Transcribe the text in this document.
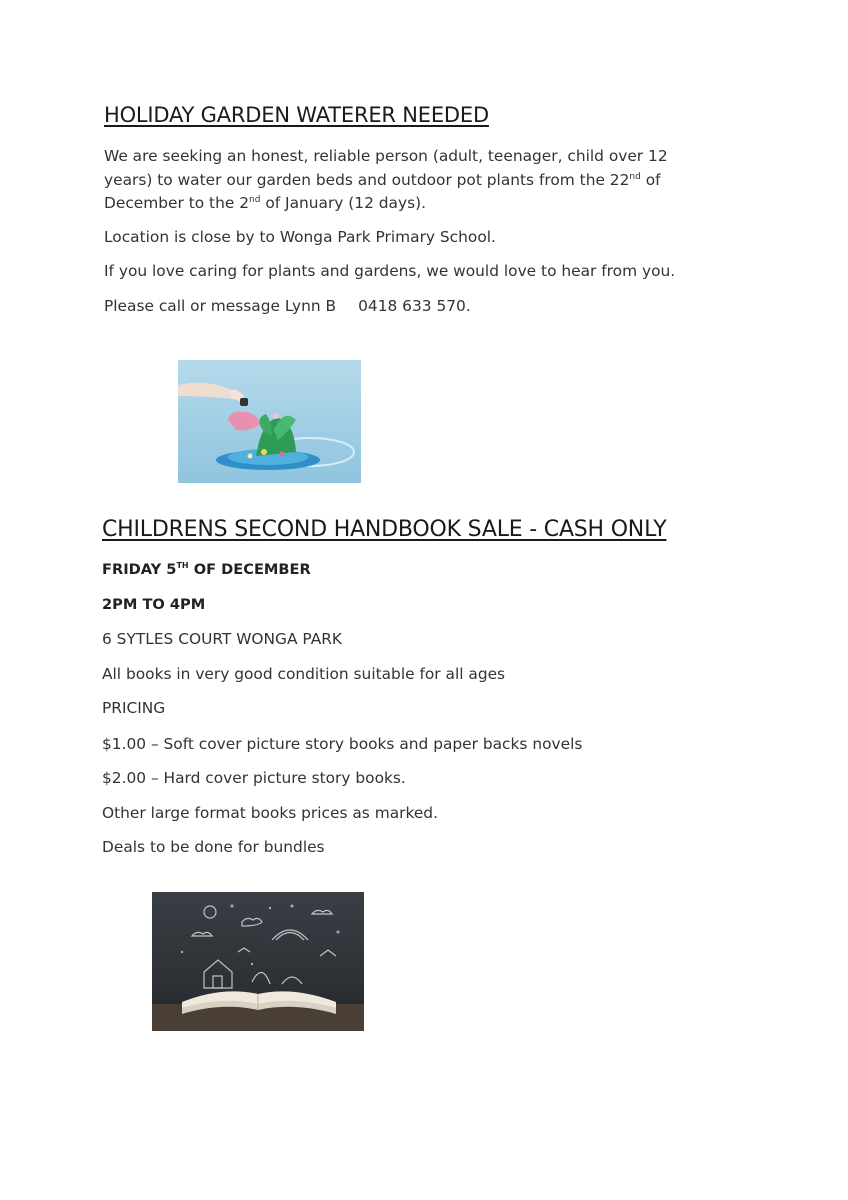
HOLIDAY GARDEN WATERER NEEDED

We are seeking an honest, reliable person (adult, teenager, child over 12
years) to water our garden beds and outdoor pot plants from the 22nd of
December to the 2nd of January (12 days).

Location is close by to Wonga Park Primary School.

If you love caring for plants and gardens, we would love to hear from you.

Please call or message Lynn B 0418 633 570.

CHILDRENS SECOND HANDBOOK SALE - CASH ONLY

FRIDAY 5TH OF DECEMBER

2PM TO 4PM

6 SYTLES COURT WONGA PARK

All books in very good condition suitable for all ages

PRICING

$1.00 – Soft cover picture story books and paper backs novels

$2.00 – Hard cover picture story books.

Other large format books prices as marked.

Deals to be done for bundles
